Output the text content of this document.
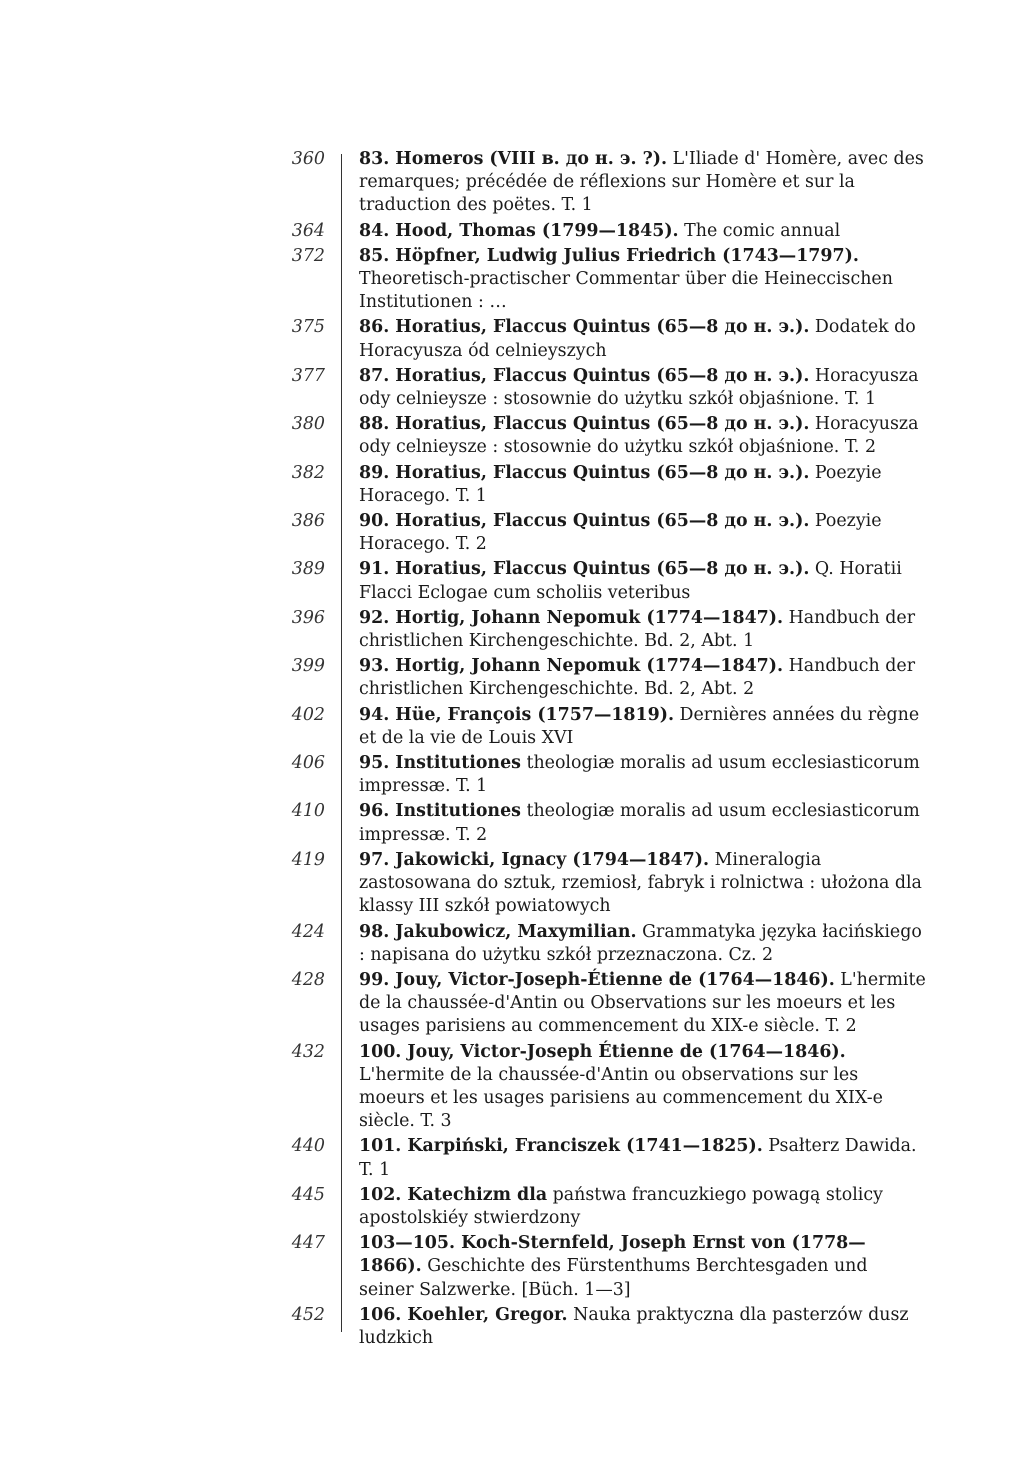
360 83. Homeros (VIII в. до н. э. ?). L'Iliade d' Homère, avec des remarques; précédée de réflexions sur Homère et sur la traduction des poëtes. T. 1
364 84. Hood, Thomas (1799—1845). The comic annual
372 85. Höpfner, Ludwig Julius Friedrich (1743—1797). Theoretisch-practischer Commentar über die Heineccischen Institutionen : …
375 86. Horatius, Flaccus Quintus (65—8 до н. э.). Dodatek do Horacyusza ód celnieyszych
377 87. Horatius, Flaccus Quintus (65—8 до н. э.). Horacyusza ody celnieysze : stosownie do użytku szkół objaśnione. T. 1
380 88. Horatius, Flaccus Quintus (65—8 до н. э.). Horacyusza ody celnieysze : stosownie do użytku szkół objaśnione. T. 2
382 89. Horatius, Flaccus Quintus (65—8 до н. э.). Poezyie Horacego. T. 1
386 90. Horatius, Flaccus Quintus (65—8 до н. э.). Poezyie Horacego. T. 2
389 91. Horatius, Flaccus Quintus (65—8 до н. э.). Q. Horatii Flacci Eclogae cum scholiis veteribus
396 92. Hortig, Johann Nepomuk (1774—1847). Handbuch der christlichen Kirchengeschichte. Bd. 2, Abt. 1
399 93. Hortig, Johann Nepomuk (1774—1847). Handbuch der christlichen Kirchengeschichte. Bd. 2, Abt. 2
402 94. Hüe, François (1757—1819). Dernières années du règne et de la vie de Louis XVI
406 95. Institutiones theologiæ moralis ad usum ecclesiasticorum impressæ. T. 1
410 96. Institutiones theologiæ moralis ad usum ecclesiasticorum impressæ. T. 2
419 97. Jakowicki, Ignacy (1794—1847). Mineralogia zastosowana do sztuk, rzemiosł, fabryk i rolnictwa : ułożona dla klassy III szkół powiatowych
424 98. Jakubowicz, Maxymilian. Grammatyka języka łacińskiego : napisana do użytku szkół przeznaczona. Cz. 2
428 99. Jouy, Victor-Joseph-Étienne de (1764—1846). L'hermite de la chaussée-d'Antin ou Observations sur les moeurs et les usages parisiens au commencement du XIX-e siècle. T. 2
432 100. Jouy, Victor-Joseph Étienne de (1764—1846). L'hermite de la chaussée-d'Antin ou observations sur les moeurs et les usages parisiens au commencement du XIX-e siècle. T. 3
440 101. Karpiński, Franciszek (1741—1825). Psałterz Dawida. T. 1
445 102. Katechizm dla państwa francuzkiego powagą stolicy apostolskiéy stwierdzony
447 103—105. Koch-Sternfeld, Joseph Ernst von (1778—1866). Geschichte des Fürstenthums Berchtesgaden und seiner Salzwerke. [Büch. 1—3]
452 106. Koehler, Gregor. Nauka praktyczna dla pasterzów dusz ludzkich
